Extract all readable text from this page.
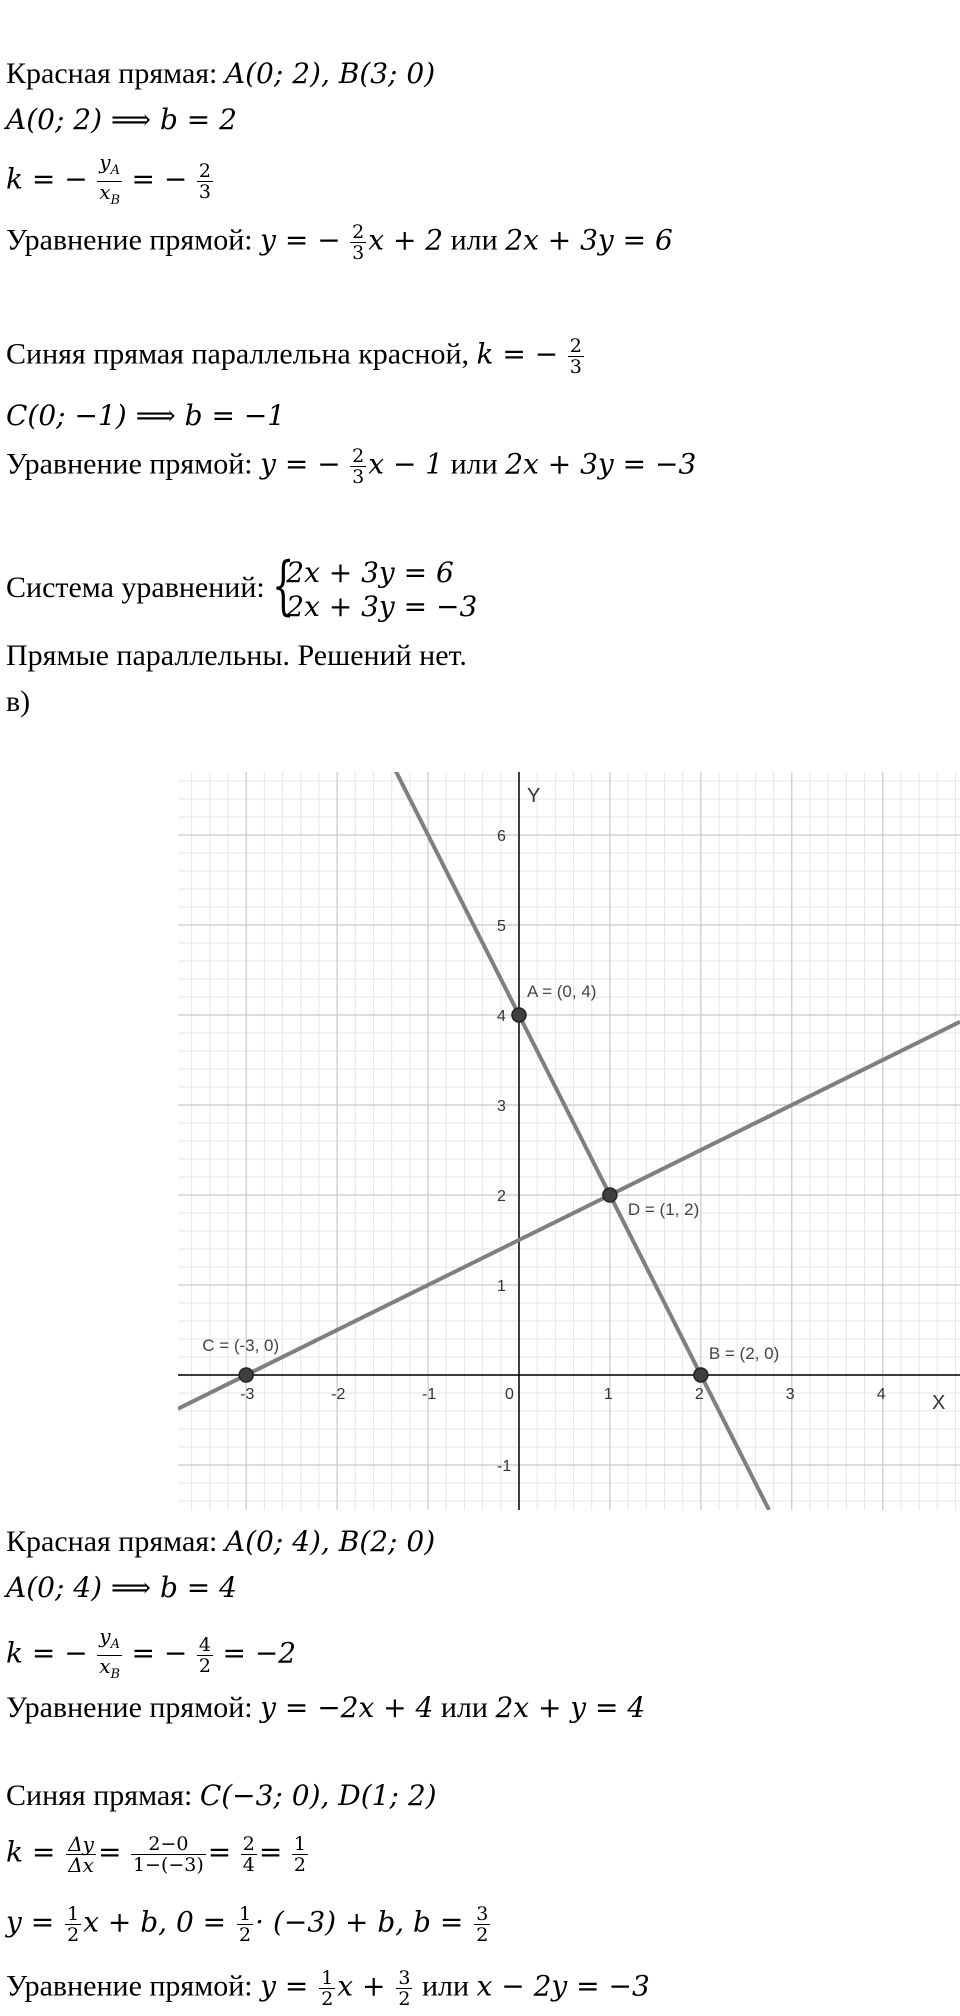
Красная прямая: A(0; 2), B(3; 0)
A(0; 2) ⟹ b = 2
k = − $\frac{y_A}{x_B}$ = − $\frac{2}{3}$
Уравнение прямой: y = − $\frac{2}{3}$ x + 2 или 2x + 3y = 6
Синяя прямая параллельна красной, k = − $\frac{2}{3}$
C(0; −1) ⟹ b = −1
Уравнение прямой: y = − $\frac{2}{3}$ x − 1 или 2x + 3y = −3
Система уравнений: {
2x + 3y = 6
2x + 3y = −3
Прямые параллельны. Решений нет.
в)
-3	-2	-1	0	1	2	3	4
-1
1
2
3
4
5
6
X
Y
A = (0, 4)
D = (1, 2)
C = (-3, 0)	B = (2, 0)
Красная прямая: A(0; 4), B(2; 0)
A(0; 4) ⟹ b = 4
k = − $\frac{y_A}{x_B}$ = − $\frac{4}{2} = -2$
Уравнение прямой: y = −2x + 4 или 2x + y = 4
Синяя прямая: C(−3; 0), D(1; 2)
$k = \frac{\Delta y}{\Delta x} = \frac{2-0}{1-(-3)} = \frac{2}{4} = \frac{1}{2}$
$y = \frac{1}{2}$ x + b, $0 = \frac{1}{2} \cdot (-3) + b$, $b = \frac{3}{2}$
Уравнение прямой: $y = \frac{1}{2}$ $x + \frac{3}{2}$ или x − 2y = −3
